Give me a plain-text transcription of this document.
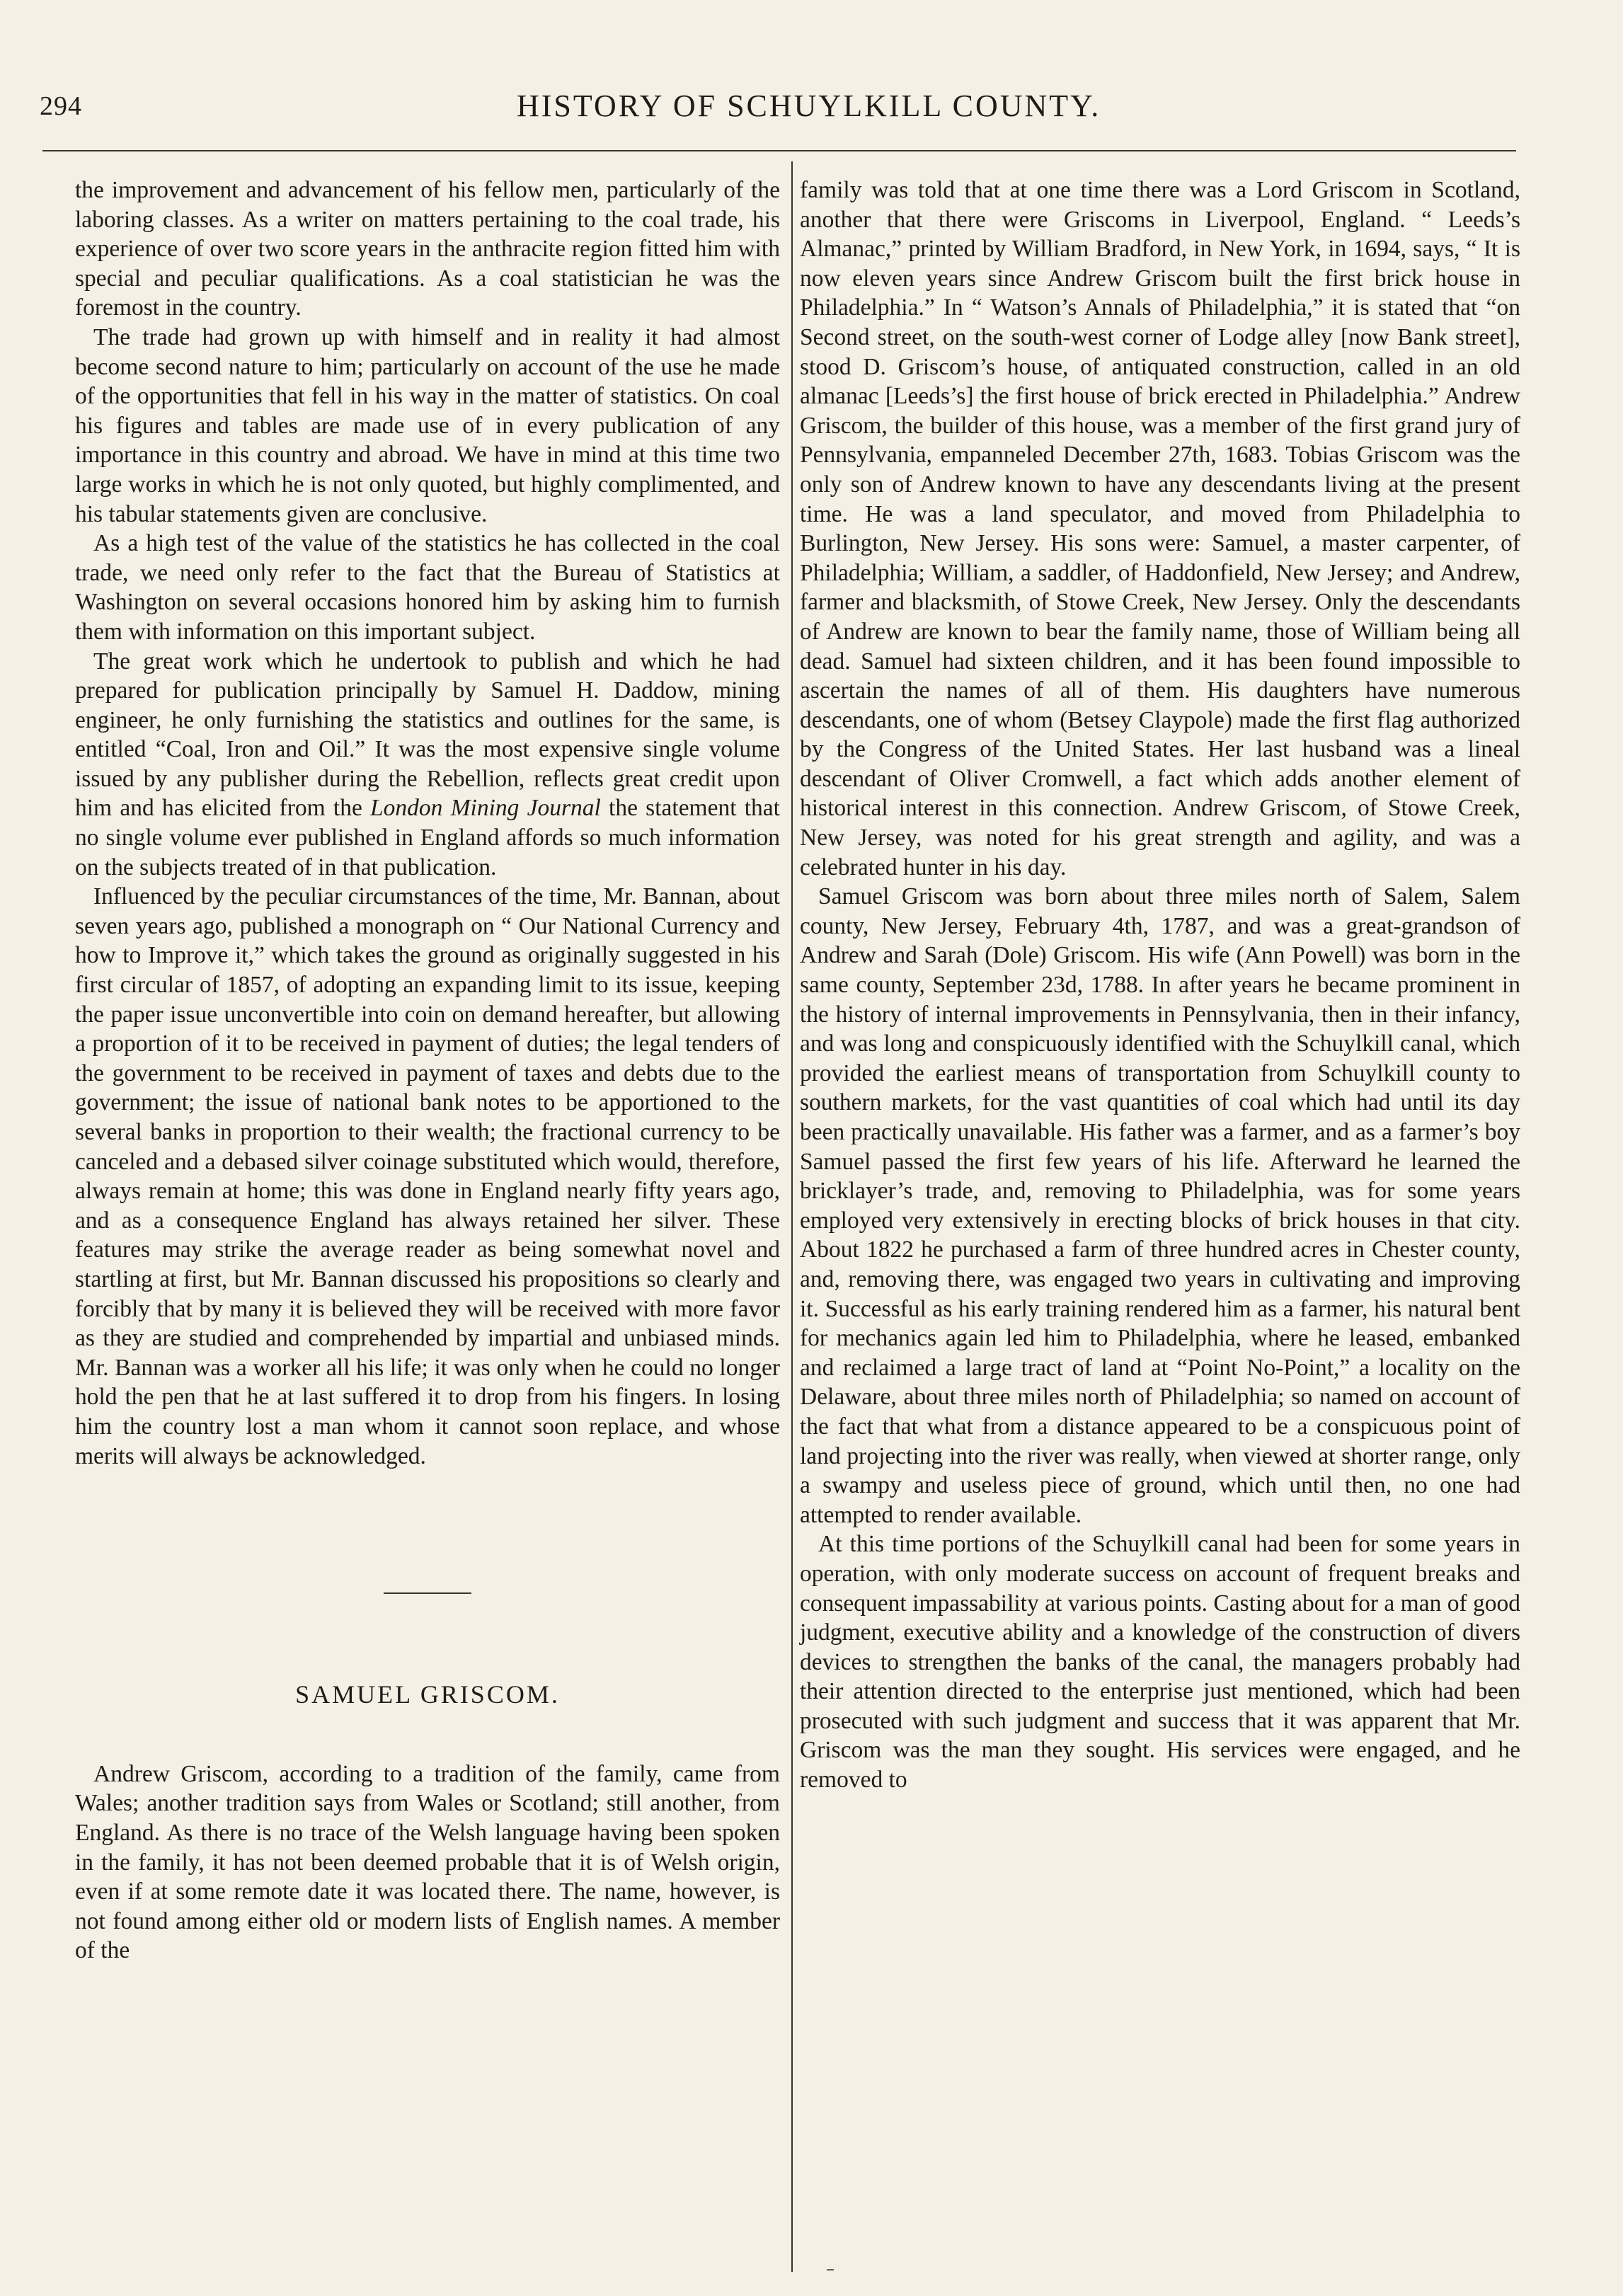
294	HISTORY OF SCHUYLKILL COUNTY.

the improvement and advancement of his fellow men, particularly of the laboring classes. As a writer on matters pertaining to the coal trade, his experience of over two score years in the anthracite region fitted him with special and peculiar qualifications. As a coal statistician he was the foremost in the country.

The trade had grown up with himself and in reality it had almost become second nature to him; particularly on account of the use he made of the opportunities that fell in his way in the matter of statistics. On coal his figures and tables are made use of in every publication of any importance in this country and abroad. We have in mind at this time two large works in which he is not only quoted, but highly complimented, and his tabular statements given are conclusive.

As a high test of the value of the statistics he has collected in the coal trade, we need only refer to the fact that the Bureau of Statistics at Washington on several occasions honored him by asking him to furnish them with information on this important subject.

The great work which he undertook to publish and which he had prepared for publication principally by Samuel H. Daddow, mining engineer, he only furnishing the statistics and outlines for the same, is entitled “Coal, Iron and Oil.” It was the most expensive single volume issued by any publisher during the Rebellion, reflects great credit upon him and has elicited from the London Mining Journal the statement that no single volume ever published in England affords so much information on the subjects treated of in that publication.

Influenced by the peculiar circumstances of the time, Mr. Bannan, about seven years ago, published a monograph on “ Our National Currency and how to Improve it,” which takes the ground as originally suggested in his first circular of 1857, of adopting an expanding limit to its issue, keeping the paper issue unconvertible into coin on demand hereafter, but allowing a proportion of it to be received in payment of duties; the legal tenders of the government to be received in payment of taxes and debts due to the government; the issue of national bank notes to be apportioned to the several banks in proportion to their wealth; the fractional currency to be canceled and a debased silver coinage substituted which would, therefore, always remain at home; this was done in England nearly fifty years ago, and as a consequence England has always retained her silver. These features may strike the average reader as being somewhat novel and startling at first, but Mr. Bannan discussed his propositions so clearly and forcibly that by many it is believed they will be received with more favor as they are studied and comprehended by impartial and unbiased minds. Mr. Bannan was a worker all his life; it was only when he could no longer hold the pen that he at last suffered it to drop from his fingers. In losing him the country lost a man whom it cannot soon replace, and whose merits will always be acknowledged.

SAMUEL GRISCOM.

Andrew Griscom, according to a tradition of the family, came from Wales; another tradition says from Wales or Scotland; still another, from England. As there is no trace of the Welsh language having been spoken in the family, it has not been deemed probable that it is of Welsh origin, even if at some remote date it was located there. The name, however, is not found among either old or modern lists of English names. A member of the

family was told that at one time there was a Lord Griscom in Scotland, another that there were Griscoms in Liverpool, England. “ Leeds’s Almanac,” printed by William Bradford, in New York, in 1694, says, “ It is now eleven years since Andrew Griscom built the first brick house in Philadelphia.” In “ Watson’s Annals of Philadelphia,” it is stated that “on Second street, on the south-west corner of Lodge alley [now Bank street], stood D. Griscom’s house, of antiquated construction, called in an old almanac [Leeds’s] the first house of brick erected in Philadelphia.” Andrew Griscom, the builder of this house, was a member of the first grand jury of Pennsylvania, empanneled December 27th, 1683. Tobias Griscom was the only son of Andrew known to have any descendants living at the present time. He was a land speculator, and moved from Philadelphia to Burlington, New Jersey. His sons were: Samuel, a master carpenter, of Philadelphia; William, a saddler, of Haddonfield, New Jersey; and Andrew, farmer and blacksmith, of Stowe Creek, New Jersey. Only the descendants of Andrew are known to bear the family name, those of William being all dead. Samuel had sixteen children, and it has been found impossible to ascertain the names of all of them. His daughters have numerous descendants, one of whom (Betsey Claypole) made the first flag authorized by the Congress of the United States. Her last husband was a lineal descendant of Oliver Cromwell, a fact which adds another element of historical interest in this connection. Andrew Griscom, of Stowe Creek, New Jersey, was noted for his great strength and agility, and was a celebrated hunter in his day.

Samuel Griscom was born about three miles north of Salem, Salem county, New Jersey, February 4th, 1787, and was a great-grandson of Andrew and Sarah (Dole) Griscom. His wife (Ann Powell) was born in the same county, September 23d, 1788. In after years he became prominent in the history of internal improvements in Pennsylvania, then in their infancy, and was long and conspicuously identified with the Schuylkill canal, which provided the earliest means of transportation from Schuylkill county to southern markets, for the vast quantities of coal which had until its day been practically unavailable. His father was a farmer, and as a farmer’s boy Samuel passed the first few years of his life. Afterward he learned the bricklayer’s trade, and, removing to Philadelphia, was for some years employed very extensively in erecting blocks of brick houses in that city. About 1822 he purchased a farm of three hundred acres in Chester county, and, removing there, was engaged two years in cultivating and improving it. Successful as his early training rendered him as a farmer, his natural bent for mechanics again led him to Philadelphia, where he leased, embanked and reclaimed a large tract of land at “Point No-Point,” a locality on the Delaware, about three miles north of Philadelphia; so named on account of the fact that what from a distance appeared to be a conspicuous point of land projecting into the river was really, when viewed at shorter range, only a swampy and useless piece of ground, which until then, no one had attempted to render available.

At this time portions of the Schuylkill canal had been for some years in operation, with only moderate success on account of frequent breaks and consequent impassability at various points. Casting about for a man of good judgment, executive ability and a knowledge of the construction of divers devices to strengthen the banks of the canal, the managers probably had their attention directed to the enterprise just mentioned, which had been prosecuted with such judgment and success that it was apparent that Mr. Griscom was the man they sought. His services were engaged, and he removed to
